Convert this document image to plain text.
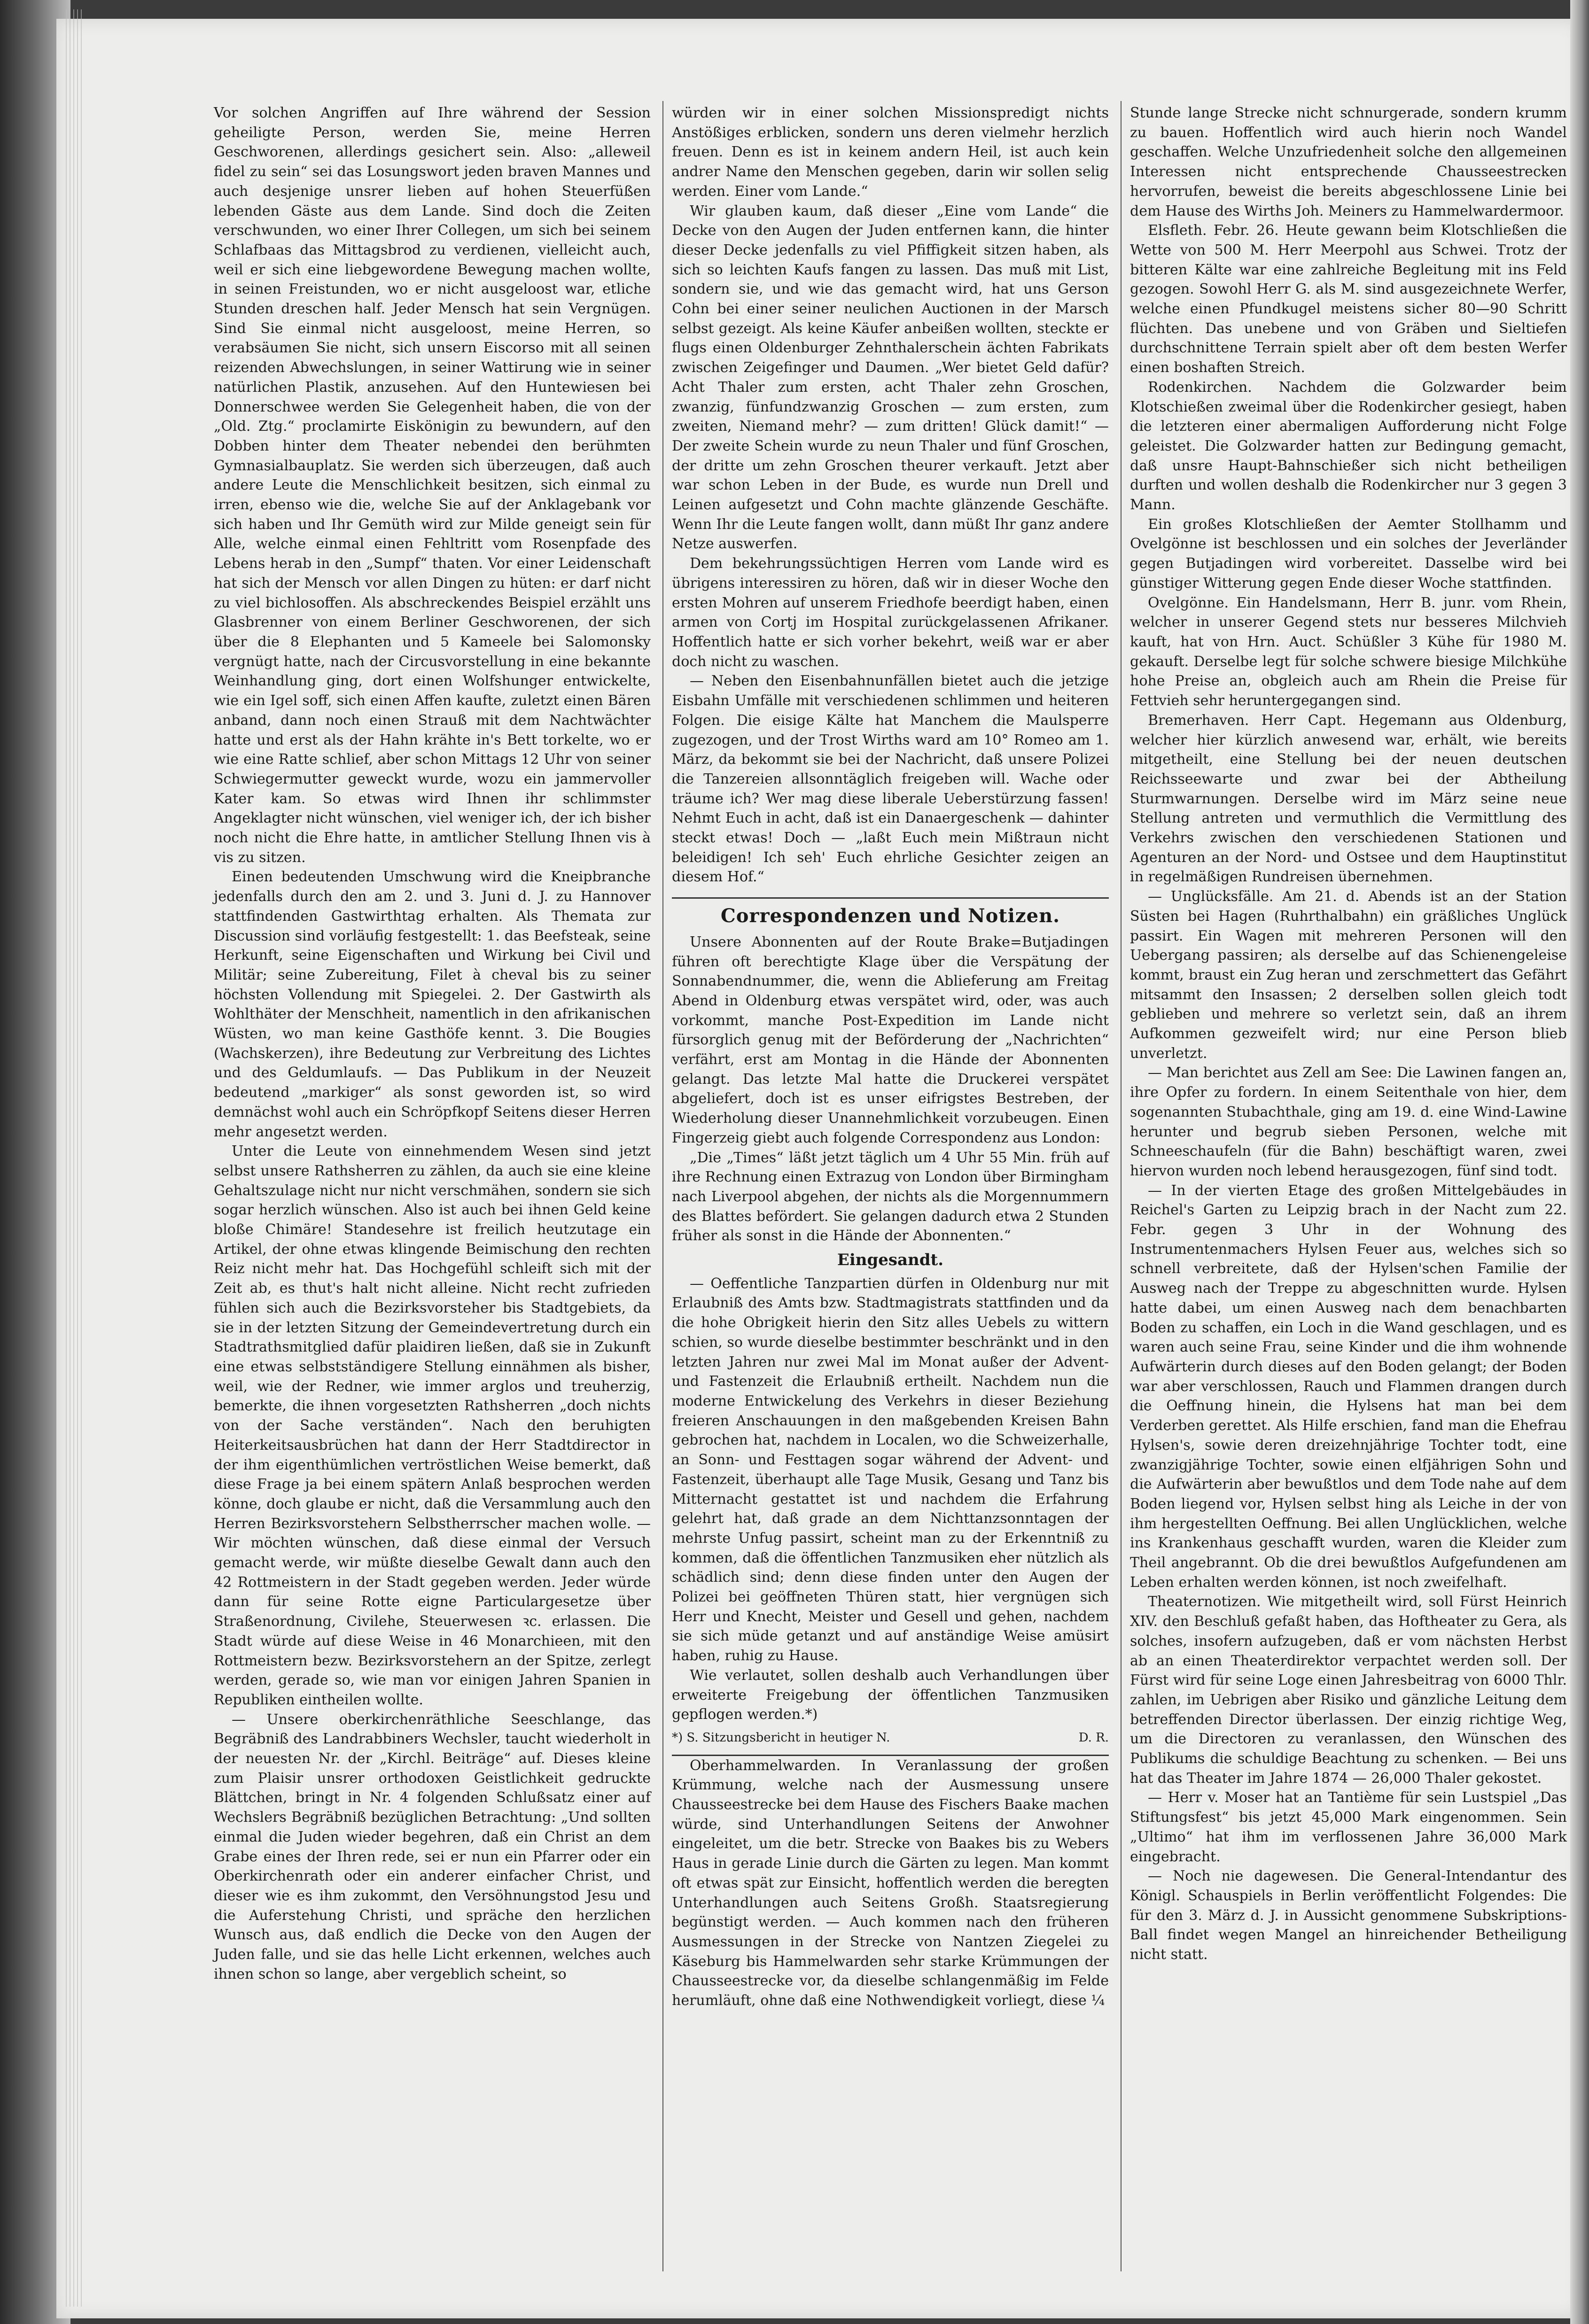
Vor solchen Angriffen auf Ihre während der Session geheiligte Person, werden Sie, meine Herren Geschworenen, allerdings gesichert sein. Also: „alleweil fidel zu sein“ sei das Losungswort jeden braven Mannes und auch desjenige unsrer lieben auf hohen Steuerfüßen lebenden Gäste aus dem Lande. Sind doch die Zeiten verschwunden, wo einer Ihrer Collegen, um sich bei seinem Schlafbaas das Mittagsbrod zu verdienen, vielleicht auch, weil er sich eine liebgewordene Bewegung machen wollte, in seinen Freistunden, wo er nicht ausgeloost war, etliche Stunden dreschen half. Jeder Mensch hat sein Vergnügen. Sind Sie einmal nicht ausgeloost, meine Herren, so verabsäumen Sie nicht, sich unsern Eiscorso mit all seinen reizenden Abwechslungen, in seiner Wattirung wie in seiner natürlichen Plastik, anzusehen. Auf den Huntewiesen bei Donnerschwee werden Sie Gelegenheit haben, die von der „Old. Ztg.“ proclamirte Eiskönigin zu bewundern, auf den Dobben hinter dem Theater nebendei den berühmten Gymnasialbauplatz. Sie werden sich überzeugen, daß auch andere Leute die Menschlichkeit besitzen, sich einmal zu irren, ebenso wie die, welche Sie auf der Anklagebank vor sich haben und Ihr Gemüth wird zur Milde geneigt sein für Alle, welche einmal einen Fehltritt vom Rosenpfade des Lebens herab in den „Sumpf“ thaten. Vor einer Leidenschaft hat sich der Mensch vor allen Dingen zu hüten: er darf nicht zu viel bichlosoffen. Als abschreckendes Beispiel erzählt uns Glasbrenner von einem Berliner Geschworenen, der sich über die 8 Elephanten und 5 Kameele bei Salomonsky vergnügt hatte, nach der Circusvorstellung in eine bekannte Weinhandlung ging, dort einen Wolfshunger entwickelte, wie ein Igel soff, sich einen Affen kaufte, zuletzt einen Bären anband, dann noch einen Strauß mit dem Nachtwächter hatte und erst als der Hahn krähte in's Bett torkelte, wo er wie eine Ratte schlief, aber schon Mittags 12 Uhr von seiner Schwiegermutter geweckt wurde, wozu ein jammervoller Kater kam. So etwas wird Ihnen ihr schlimmster Angeklagter nicht wünschen, viel weniger ich, der ich bisher noch nicht die Ehre hatte, in amtlicher Stellung Ihnen vis à vis zu sitzen.

Einen bedeutenden Umschwung wird die Kneipbranche jedenfalls durch den am 2. und 3. Juni d. J. zu Hannover stattfindenden Gastwirthtag erhalten. Als Themata zur Discussion sind vorläufig festgestellt: 1. das Beefsteak, seine Herkunft, seine Eigenschaften und Wirkung bei Civil und Militär; seine Zubereitung, Filet à cheval bis zu seiner höchsten Vollendung mit Spiegelei. 2. Der Gastwirth als Wohlthäter der Menschheit, namentlich in den afrikanischen Wüsten, wo man keine Gasthöfe kennt. 3. Die Bougies (Wachskerzen), ihre Bedeutung zur Verbreitung des Lichtes und des Geldumlaufs. — Das Publikum in der Neuzeit bedeutend „markiger“ als sonst geworden ist, so wird demnächst wohl auch ein Schröpfkopf Seitens dieser Herren mehr angesetzt werden.

Unter die Leute von einnehmendem Wesen sind jetzt selbst unsere Rathsherren zu zählen, da auch sie eine kleine Gehaltszulage nicht nur nicht verschmähen, sondern sie sich sogar herzlich wünschen. Also ist auch bei ihnen Geld keine bloße Chimäre! Standesehre ist freilich heutzutage ein Artikel, der ohne etwas klingende Beimischung den rechten Reiz nicht mehr hat. Das Hochgefühl schleift sich mit der Zeit ab, es thut's halt nicht alleine. Nicht recht zufrieden fühlen sich auch die Bezirksvorsteher bis Stadtgebiets, da sie in der letzten Sitzung der Gemeindevertretung durch ein Stadtrathsmitglied dafür plaidiren ließen, daß sie in Zukunft eine etwas selbstständigere Stellung einnähmen als bisher, weil, wie der Redner, wie immer arglos und treuherzig, bemerkte, die ihnen vorgesetzten Rathsherren „doch nichts von der Sache verständen“. Nach den beruhigten Heiterkeitsausbrüchen hat dann der Herr Stadtdirector in der ihm eigenthümlichen vertröstlichen Weise bemerkt, daß diese Frage ja bei einem spätern Anlaß besprochen werden könne, doch glaube er nicht, daß die Versammlung auch den Herren Bezirksvorstehern Selbstherrscher machen wolle. — Wir möchten wünschen, daß diese einmal der Versuch gemacht werde, wir müßte dieselbe Gewalt dann auch den 42 Rottmeistern in der Stadt gegeben werden. Jeder würde dann für seine Rotte eigne Particulargesetze über Straßenordnung, Civilehe, Steuerwesen ꝛc. erlassen. Die Stadt würde auf diese Weise in 46 Monarchieen, mit den Rottmeistern bezw. Bezirksvorstehern an der Spitze, zerlegt werden, gerade so, wie man vor einigen Jahren Spanien in Republiken eintheilen wollte.

— Unsere oberkirchenräthliche Seeschlange, das Begräbniß des Landrabbiners Wechsler, taucht wiederholt in der neuesten Nr. der „Kirchl. Beiträge“ auf. Dieses kleine zum Plaisir unsrer orthodoxen Geistlichkeit gedruckte Blättchen, bringt in Nr. 4 folgenden Schlußsatz einer auf Wechslers Begräbniß bezüglichen Betrachtung: „Und sollten einmal die Juden wieder begehren, daß ein Christ an dem Grabe eines der Ihren rede, sei er nun ein Pfarrer oder ein Oberkirchenrath oder ein anderer einfacher Christ, und dieser wie es ihm zukommt, den Versöhnungstod Jesu und die Auferstehung Christi, und spräche den herzlichen Wunsch aus, daß endlich die Decke von den Augen der Juden falle, und sie das helle Licht erkennen, welches auch ihnen schon so lange, aber vergeblich scheint, so

würden wir in einer solchen Missionspredigt nichts Anstößiges erblicken, sondern uns deren vielmehr herzlich freuen. Denn es ist in keinem andern Heil, ist auch kein andrer Name den Menschen gegeben, darin wir sollen selig werden. Einer vom Lande.“

Wir glauben kaum, daß dieser „Eine vom Lande“ die Decke von den Augen der Juden entfernen kann, die hinter dieser Decke jedenfalls zu viel Pfiffigkeit sitzen haben, als sich so leichten Kaufs fangen zu lassen. Das muß mit List, sondern sie, und wie das gemacht wird, hat uns Gerson Cohn bei einer seiner neulichen Auctionen in der Marsch selbst gezeigt. Als keine Käufer anbeißen wollten, steckte er flugs einen Oldenburger Zehnthalerschein ächten Fabrikats zwischen Zeigefinger und Daumen. „Wer bietet Geld dafür? Acht Thaler zum ersten, acht Thaler zehn Groschen, zwanzig, fünfundzwanzig Groschen — zum ersten, zum zweiten, Niemand mehr? — zum dritten! Glück damit!“ — Der zweite Schein wurde zu neun Thaler und fünf Groschen, der dritte um zehn Groschen theurer verkauft. Jetzt aber war schon Leben in der Bude, es wurde nun Drell und Leinen aufgesetzt und Cohn machte glänzende Geschäfte. Wenn Ihr die Leute fangen wollt, dann müßt Ihr ganz andere Netze auswerfen.

Dem bekehrungssüchtigen Herren vom Lande wird es übrigens interessiren zu hören, daß wir in dieser Woche den ersten Mohren auf unserem Friedhofe beerdigt haben, einen armen von Cortj im Hospital zurückgelassenen Afrikaner. Hoffentlich hatte er sich vorher bekehrt, weiß war er aber doch nicht zu waschen.

— Neben den Eisenbahnunfällen bietet auch die jetzige Eisbahn Umfälle mit verschiedenen schlimmen und heiteren Folgen. Die eisige Kälte hat Manchem die Maulsperre zugezogen, und der Trost Wirths ward am 10° Romeo am 1. März, da bekommt sie bei der Nachricht, daß unsere Polizei die Tanzereien allsonntäglich freigeben will. Wache oder träume ich? Wer mag diese liberale Ueberstürzung fassen! Nehmt Euch in acht, daß ist ein Danaergeschenk — dahinter steckt etwas! Doch — „laßt Euch mein Mißtraun nicht beleidigen! Ich seh' Euch ehrliche Gesichter zeigen an diesem Hof.“

Correspondenzen und Notizen.

Unsere Abonnenten auf der Route Brake=Butjadingen führen oft berechtigte Klage über die Verspätung der Sonnabendnummer, die, wenn die Ablieferung am Freitag Abend in Oldenburg etwas verspätet wird, oder, was auch vorkommt, manche Post-Expedition im Lande nicht fürsorglich genug mit der Beförderung der „Nachrichten“ verfährt, erst am Montag in die Hände der Abonnenten gelangt. Das letzte Mal hatte die Druckerei verspätet abgeliefert, doch ist es unser eifrigstes Bestreben, der Wiederholung dieser Unannehmlichkeit vorzubeugen. Einen Fingerzeig giebt auch folgende Correspondenz aus London:

„Die „Times“ läßt jetzt täglich um 4 Uhr 55 Min. früh auf ihre Rechnung einen Extrazug von London über Birmingham nach Liverpool abgehen, der nichts als die Morgennummern des Blattes befördert. Sie gelangen dadurch etwa 2 Stunden früher als sonst in die Hände der Abonnenten.“

Eingesandt.

— Oeffentliche Tanzpartien dürfen in Oldenburg nur mit Erlaubniß des Amts bzw. Stadtmagistrats stattfinden und da die hohe Obrigkeit hierin den Sitz alles Uebels zu wittern schien, so wurde dieselbe bestimmter beschränkt und in den letzten Jahren nur zwei Mal im Monat außer der Advent- und Fastenzeit die Erlaubniß ertheilt. Nachdem nun die moderne Entwickelung des Verkehrs in dieser Beziehung freieren Anschauungen in den maßgebenden Kreisen Bahn gebrochen hat, nachdem in Localen, wo die Schweizerhalle, an Sonn- und Festtagen sogar während der Advent- und Fastenzeit, überhaupt alle Tage Musik, Gesang und Tanz bis Mitternacht gestattet ist und nachdem die Erfahrung gelehrt hat, daß grade an dem Nichttanzsonntagen der mehrste Unfug passirt, scheint man zu der Erkenntniß zu kommen, daß die öffentlichen Tanzmusiken eher nützlich als schädlich sind; denn diese finden unter den Augen der Polizei bei geöffneten Thüren statt, hier vergnügen sich Herr und Knecht, Meister und Gesell und gehen, nachdem sie sich müde getanzt und auf anständige Weise amüsirt haben, ruhig zu Hause.

Wie verlautet, sollen deshalb auch Verhandlungen über erweiterte Freigebung der öffentlichen Tanzmusiken gepflogen werden.*)

*) S. Sitzungsbericht in heutiger N.	D. R.

Oberhammelwarden. In Veranlassung der großen Krümmung, welche nach der Ausmessung unsere Chausseestrecke bei dem Hause des Fischers Baake machen würde, sind Unterhandlungen Seitens der Anwohner eingeleitet, um die betr. Strecke von Baakes bis zu Webers Haus in gerade Linie durch die Gärten zu legen. Man kommt oft etwas spät zur Einsicht, hoffentlich werden die beregten Unterhandlungen auch Seitens Großh. Staatsregierung begünstigt werden. — Auch kommen nach den früheren Ausmessungen in der Strecke von Nantzen Ziegelei zu Käseburg bis Hammelwarden sehr starke Krümmungen der Chausseestrecke vor, da dieselbe schlangenmäßig im Felde herumläuft, ohne daß eine Nothwendigkeit vorliegt, diese ¼

Stunde lange Strecke nicht schnurgerade, sondern krumm zu bauen. Hoffentlich wird auch hierin noch Wandel geschaffen. Welche Unzufriedenheit solche den allgemeinen Interessen nicht entsprechende Chausseestrecken hervorrufen, beweist die bereits abgeschlossene Linie bei dem Hause des Wirths Joh. Meiners zu Hammelwardermoor.

Elsfleth. Febr. 26. Heute gewann beim Klotschließen die Wette von 500 M. Herr Meerpohl aus Schwei. Trotz der bitteren Kälte war eine zahlreiche Begleitung mit ins Feld gezogen. Sowohl Herr G. als M. sind ausgezeichnete Werfer, welche einen Pfundkugel meistens sicher 80—90 Schritt flüchten. Das unebene und von Gräben und Sieltiefen durchschnittene Terrain spielt aber oft dem besten Werfer einen boshaften Streich.

Rodenkirchen. Nachdem die Golzwarder beim Klotschießen zweimal über die Rodenkircher gesiegt, haben die letzteren einer abermaligen Aufforderung nicht Folge geleistet. Die Golzwarder hatten zur Bedingung gemacht, daß unsre Haupt-Bahnschießer sich nicht betheiligen durften und wollen deshalb die Rodenkircher nur 3 gegen 3 Mann.

Ein großes Klotschließen der Aemter Stollhamm und Ovelgönne ist beschlossen und ein solches der Jeverländer gegen Butjadingen wird vorbereitet. Dasselbe wird bei günstiger Witterung gegen Ende dieser Woche stattfinden.

Ovelgönne. Ein Handelsmann, Herr B. junr. vom Rhein, welcher in unserer Gegend stets nur besseres Milchvieh kauft, hat von Hrn. Auct. Schüßler 3 Kühe für 1980 M. gekauft. Derselbe legt für solche schwere biesige Milchkühe hohe Preise an, obgleich auch am Rhein die Preise für Fettvieh sehr heruntergegangen sind.

Bremerhaven. Herr Capt. Hegemann aus Oldenburg, welcher hier kürzlich anwesend war, erhält, wie bereits mitgetheilt, eine Stellung bei der neuen deutschen Reichsseewarte und zwar bei der Abtheilung Sturmwarnungen. Derselbe wird im März seine neue Stellung antreten und vermuthlich die Vermittlung des Verkehrs zwischen den verschiedenen Stationen und Agenturen an der Nord- und Ostsee und dem Hauptinstitut in regelmäßigen Rundreisen übernehmen.

— Unglücksfälle. Am 21. d. Abends ist an der Station Süsten bei Hagen (Ruhrthalbahn) ein gräßliches Unglück passirt. Ein Wagen mit mehreren Personen will den Uebergang passiren; als derselbe auf das Schienengeleise kommt, braust ein Zug heran und zerschmettert das Gefährt mitsammt den Insassen; 2 derselben sollen gleich todt geblieben und mehrere so verletzt sein, daß an ihrem Aufkommen gezweifelt wird; nur eine Person blieb unverletzt.

— Man berichtet aus Zell am See: Die Lawinen fangen an, ihre Opfer zu fordern. In einem Seitenthale von hier, dem sogenannten Stubachthale, ging am 19. d. eine Wind-Lawine herunter und begrub sieben Personen, welche mit Schneeschaufeln (für die Bahn) beschäftigt waren, zwei hiervon wurden noch lebend herausgezogen, fünf sind todt.

— In der vierten Etage des großen Mittelgebäudes in Reichel's Garten zu Leipzig brach in der Nacht zum 22. Febr. gegen 3 Uhr in der Wohnung des Instrumentenmachers Hylsen Feuer aus, welches sich so schnell verbreitete, daß der Hylsen'schen Familie der Ausweg nach der Treppe zu abgeschnitten wurde. Hylsen hatte dabei, um einen Ausweg nach dem benachbarten Boden zu schaffen, ein Loch in die Wand geschlagen, und es waren auch seine Frau, seine Kinder und die ihm wohnende Aufwärterin durch dieses auf den Boden gelangt; der Boden war aber verschlossen, Rauch und Flammen drangen durch die Oeffnung hinein, die Hylsens hat man bei dem Verderben gerettet. Als Hilfe erschien, fand man die Ehefrau Hylsen's, sowie deren dreizehnjährige Tochter todt, eine zwanzigjährige Tochter, sowie einen elfjährigen Sohn und die Aufwärterin aber bewußtlos und dem Tode nahe auf dem Boden liegend vor, Hylsen selbst hing als Leiche in der von ihm hergestellten Oeffnung. Bei allen Unglücklichen, welche ins Krankenhaus geschafft wurden, waren die Kleider zum Theil angebrannt. Ob die drei bewußtlos Aufgefundenen am Leben erhalten werden können, ist noch zweifelhaft.

Theaternotizen. Wie mitgetheilt wird, soll Fürst Heinrich XIV. den Beschluß gefaßt haben, das Hoftheater zu Gera, als solches, insofern aufzugeben, daß er vom nächsten Herbst ab an einen Theaterdirektor verpachtet werden soll. Der Fürst wird für seine Loge einen Jahresbeitrag von 6000 Thlr. zahlen, im Uebrigen aber Risiko und gänzliche Leitung dem betreffenden Director überlassen. Der einzig richtige Weg, um die Directoren zu veranlassen, den Wünschen des Publikums die schuldige Beachtung zu schenken. — Bei uns hat das Theater im Jahre 1874 — 26,000 Thaler gekostet.

— Herr v. Moser hat an Tantième für sein Lustspiel „Das Stiftungsfest“ bis jetzt 45,000 Mark eingenommen. Sein „Ultimo“ hat ihm im verflossenen Jahre 36,000 Mark eingebracht.

— Noch nie dagewesen. Die General-Intendantur des Königl. Schauspiels in Berlin veröffentlicht Folgendes: Die für den 3. März d. J. in Aussicht genommene Subskriptions-Ball findet wegen Mangel an hinreichender Betheiligung nicht statt.
